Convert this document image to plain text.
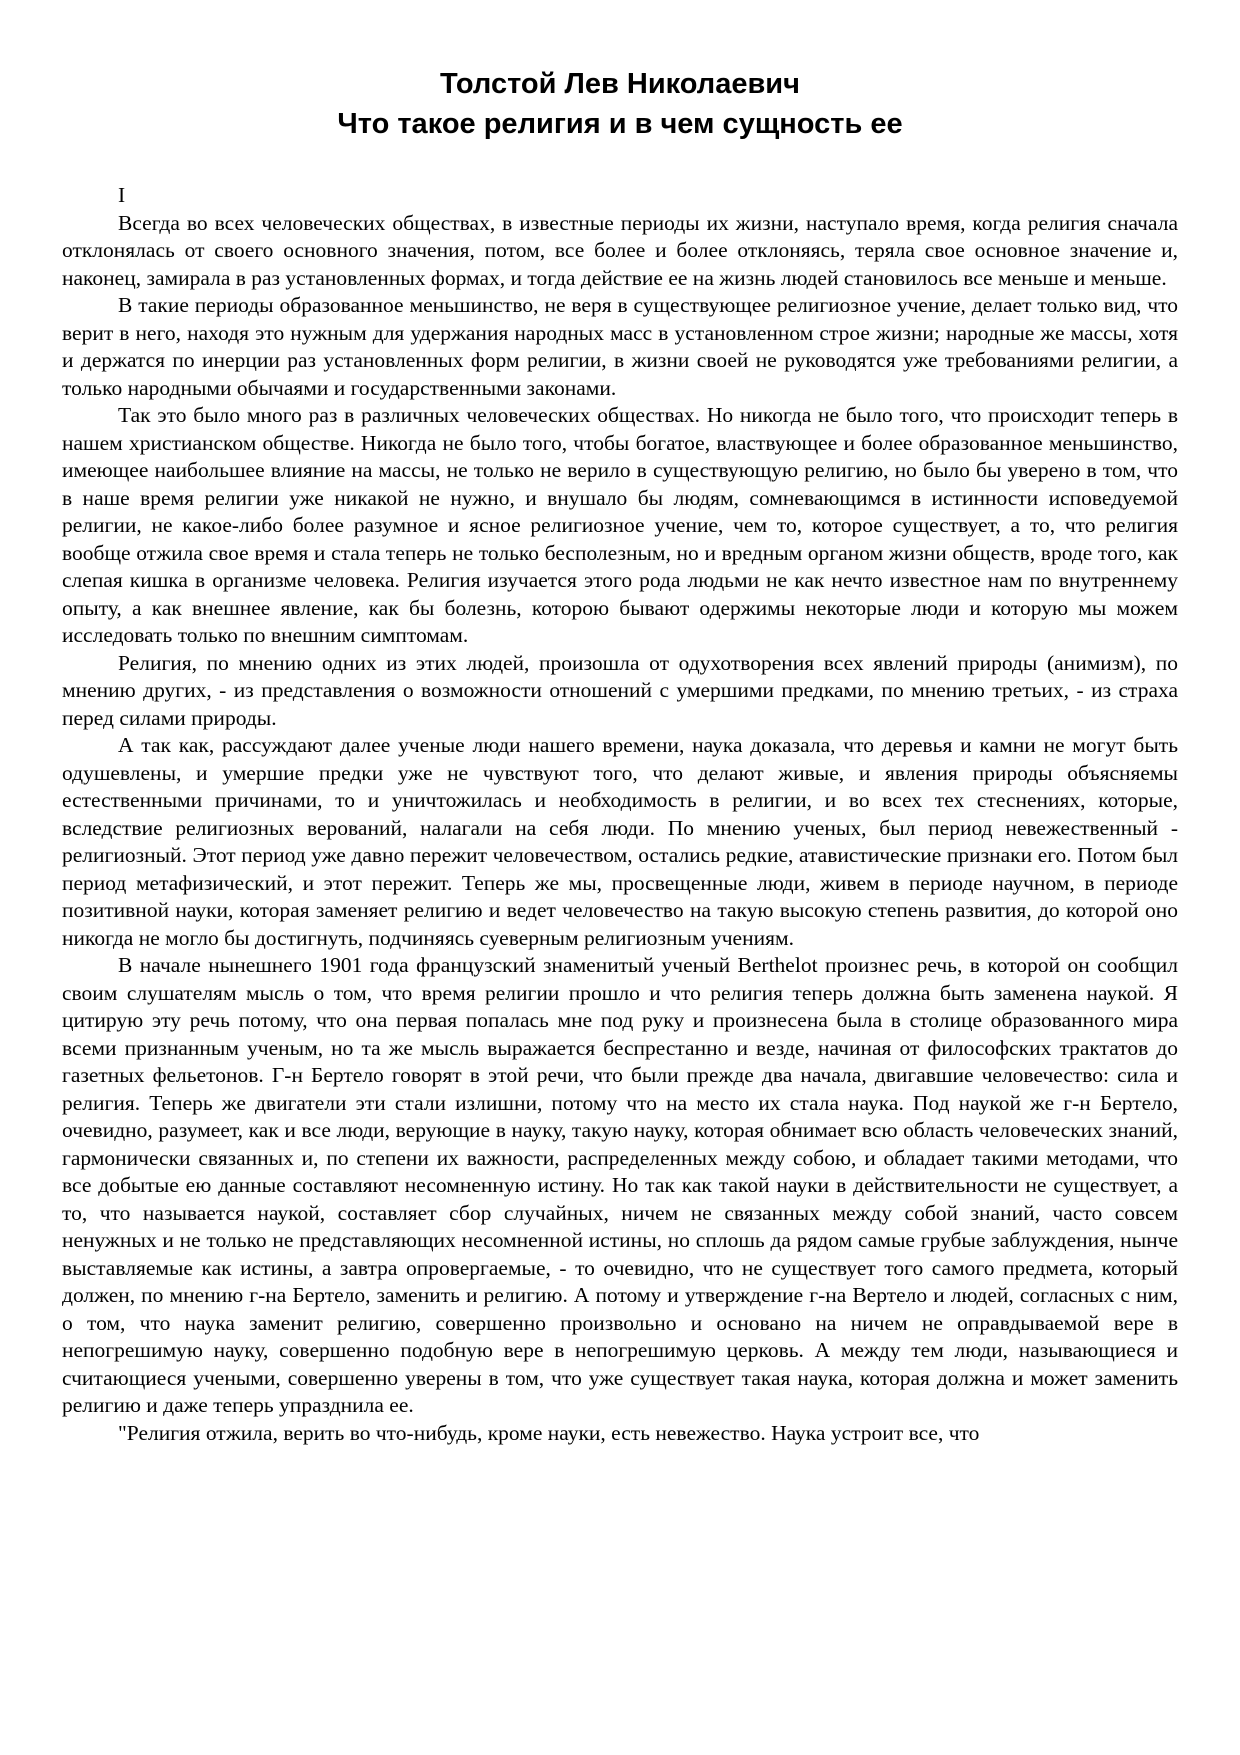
Толстой Лев Николаевич
Что такое религия и в чем сущность ее

I

Всегда во всех человеческих обществах, в известные периоды их жизни, наступало время, когда религия сначала отклонялась от своего основного значения, потом, все более и более отклоняясь, теряла свое основное значение и, наконец, замирала в раз установленных формах, и тогда действие ее на жизнь людей становилось все меньше и меньше.

В такие периоды образованное меньшинство, не веря в существующее религиозное учение, делает только вид, что верит в него, находя это нужным для удержания народных масс в установленном строе жизни; народные же массы, хотя и держатся по инерции раз установленных форм религии, в жизни своей не руководятся уже требованиями религии, а только народными обычаями и государственными законами.

Так это было много раз в различных человеческих обществах. Но никогда не было того, что происходит теперь в нашем христианском обществе. Никогда не было того, чтобы богатое, властвующее и более образованное меньшинство, имеющее наибольшее влияние на массы, не только не верило в существующую религию, но было бы уверено в том, что в наше время религии уже никакой не нужно, и внушало бы людям, сомневающимся в истинности исповедуемой религии, не какое-либо более разумное и ясное религиозное учение, чем то, которое существует, а то, что религия вообще отжила свое время и стала теперь не только бесполезным, но и вредным органом жизни обществ, вроде того, как слепая кишка в организме человека. Религия изучается этого рода людьми не как нечто известное нам по внутреннему опыту, а как внешнее явление, как бы болезнь, которою бывают одержимы некоторые люди и которую мы можем исследовать только по внешним симптомам.

Религия, по мнению одних из этих людей, произошла от одухотворения всех явлений природы (анимизм), по мнению других, - из представления о возможности отношений с умершими предками, по мнению третьих, - из страха перед силами природы.

А так как, рассуждают далее ученые люди нашего времени, наука доказала, что деревья и камни не могут быть одушевлены, и умершие предки уже не чувствуют того, что делают живые, и явления природы объясняемы естественными причинами, то и уничтожилась и необходимость в религии, и во всех тех стеснениях, которые, вследствие религиозных верований, налагали на себя люди. По мнению ученых, был период невежественный - религиозный. Этот период уже давно пережит человечеством, остались редкие, атавистические признаки его. Потом был период метафизический, и этот пережит. Теперь же мы, просвещенные люди, живем в периоде научном, в периоде позитивной науки, которая заменяет религию и ведет человечество на такую высокую степень развития, до которой оно никогда не могло бы достигнуть, подчиняясь суеверным религиозным учениям.

В начале нынешнего 1901 года французский знаменитый ученый Berthelot произнес речь, в которой он сообщил своим слушателям мысль о том, что время религии прошло и что религия теперь должна быть заменена наукой. Я цитирую эту речь потому, что она первая попалась мне под руку и произнесена была в столице образованного мира всеми признанным ученым, но та же мысль выражается беспрестанно и везде, начиная от философских трактатов до газетных фельетонов. Г-н Бертело говорят в этой речи, что были прежде два начала, двигавшие человечество: сила и религия. Теперь же двигатели эти стали излишни, потому что на место их стала наука. Под наукой же г-н Бертело, очевидно, разумеет, как и все люди, верующие в науку, такую науку, которая обнимает всю область человеческих знаний, гармонически связанных и, по степени их важности, распределенных между собою, и обладает такими методами, что все добытые ею данные составляют несомненную истину. Но так как такой науки в действительности не существует, а то, что называется наукой, составляет сбор случайных, ничем не связанных между собой знаний, часто совсем ненужных и не только не представляющих несомненной истины, но сплошь да рядом самые грубые заблуждения, нынче выставляемые как истины, а завтра опровергаемые, - то очевидно, что не существует того самого предмета, который должен, по мнению г-на Бертело, заменить и религию. А потому и утверждение г-на Вертело и людей, согласных с ним, о том, что наука заменит религию, совершенно произвольно и основано на ничем не оправдываемой вере в непогрешимую науку, совершенно подобную вере в непогрешимую церковь. А между тем люди, называющиеся и считающиеся учеными, совершенно уверены в том, что уже существует такая наука, которая должна и может заменить религию и даже теперь упразднила ее.

"Религия отжила, верить во что-нибудь, кроме науки, есть невежество. Наука устроит все, что
